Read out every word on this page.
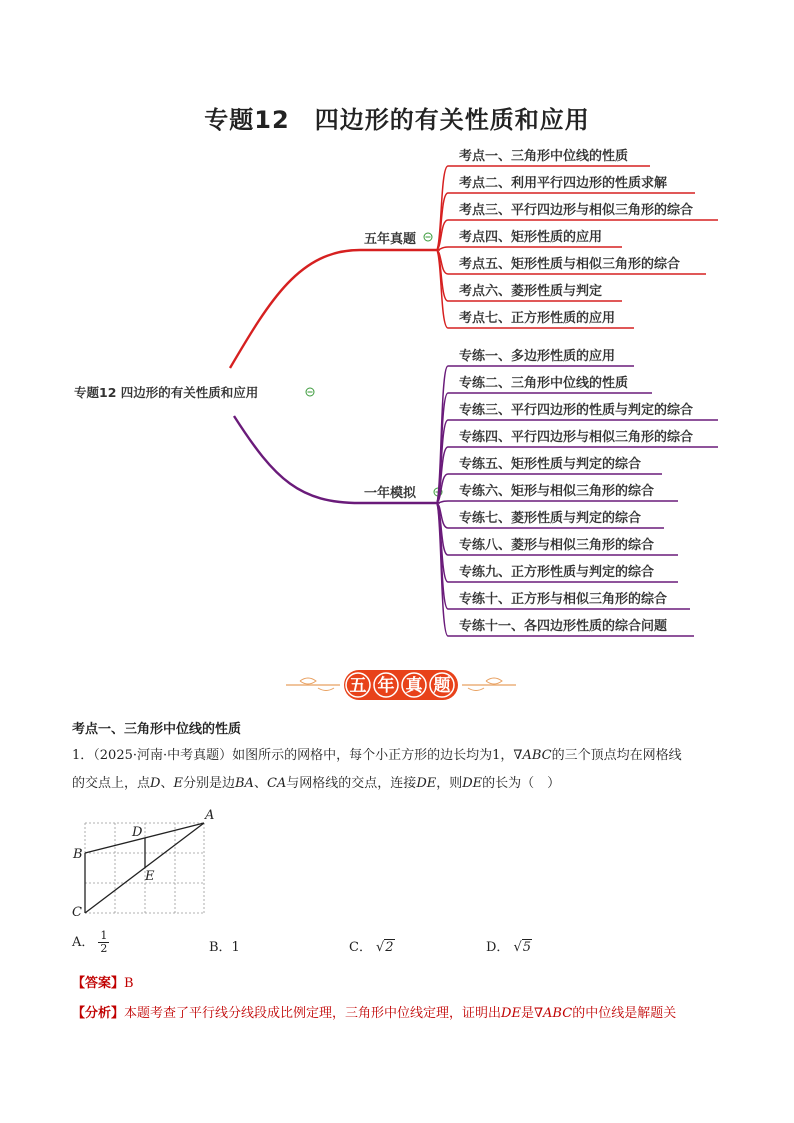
专题12　四边形的有关性质和应用
专题12 四边形的有关性质和应用
五年真题
考点一、三角形中位线的性质
考点二、利用平行四边形的性质求解
考点三、平行四边形与相似三角形的综合
考点四、矩形性质的应用
考点五、矩形性质与相似三角形的综合
考点六、菱形性质与判定
考点七、正方形性质的应用
一年模拟
专练一、多边形性质的应用
专练二、三角形中位线的性质
专练三、平行四边形的性质与判定的综合
专练四、平行四边形与相似三角形的综合
专练五、矩形性质与判定的综合
专练六、矩形与相似三角形的综合
专练七、菱形性质与判定的综合
专练八、菱形与相似三角形的综合
专练九、正方形性质与判定的综合
专练十、正方形与相似三角形的综合
专练十一、各四边形性质的综合问题
五 年 真 题
考点一、三角形中位线的性质
1．（2025·河南·中考真题）如图所示的网格中，每个小正方形的边长均为1，∇ABC的三个顶点均在网格线
的交点上，点D、E分别是边BA、CA与网格线的交点，连接DE，则DE的长为（　）
A
B
C
D
E
A． $\frac{1}{2}$	B．1	C． √2	D． √5
【答案】B
【分析】本题考查了平行线分线段成比例定理，三角形中位线定理，证明出DE是∇ABC的中位线是解题关
